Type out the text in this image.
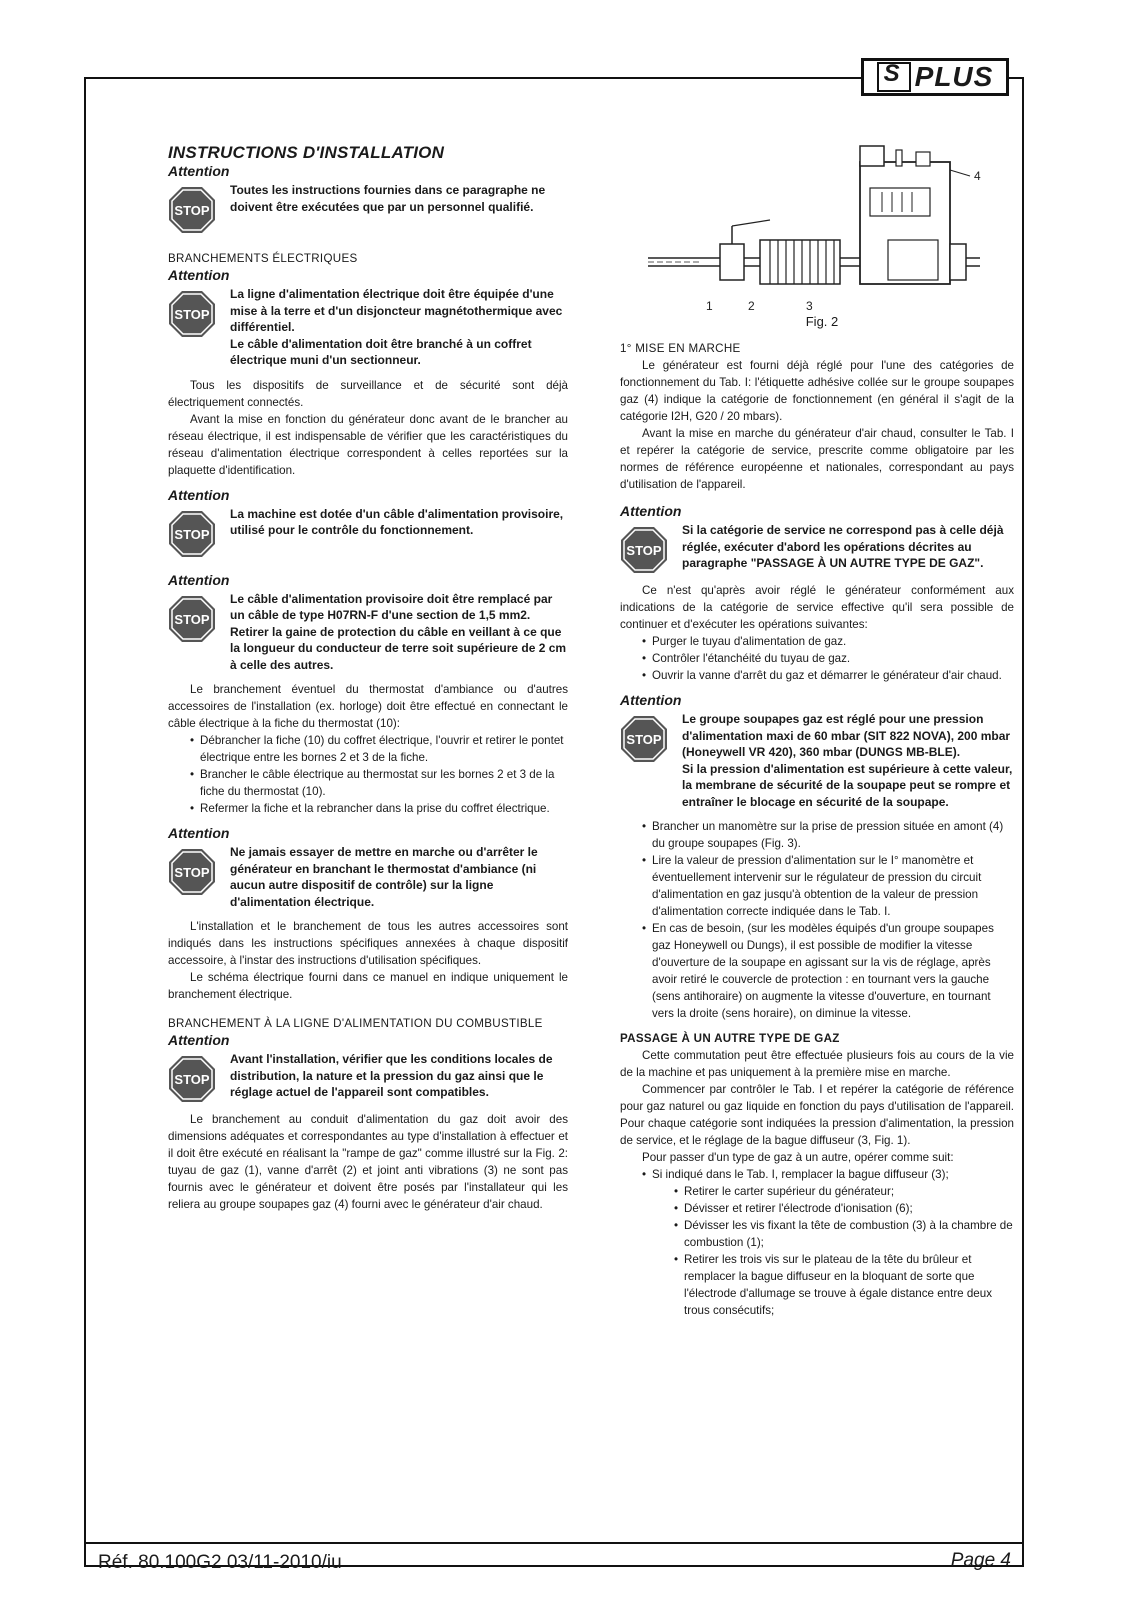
S
PLUS
INSTRUCTIONS D'INSTALLATION
Attention
Toutes les instructions fournies dans ce paragraphe ne doivent être exécutées que par un personnel qualifié.
BRANCHEMENTS ÉLECTRIQUES
Attention

La ligne d'alimentation électrique doit être équipée d'une mise à la terre et d'un disjoncteur magnétothermique avec différentiel.

Le câble d'alimentation doit être branché à un coffret électrique muni d'un sectionneur.

Tous les dispositifs de surveillance et de sécurité sont déjà électriquement connectés.

Avant la mise en fonction du générateur donc avant de le brancher au réseau électrique, il est indispensable de vérifier que les caractéristiques du réseau d'alimentation électrique correspondent à celles reportées sur la plaquette d'identification.

Attention
La machine est dotée d'un câble d'alimentation provisoire, utilisé pour le contrôle du fonctionnement.
Attention
Le câble d'alimentation provisoire doit être remplacé par un câble de type H07RN-F d'une section de 1,5 mm2. Retirer la gaine de protection du câble en veillant à ce que la longueur du conducteur de terre soit supérieure de 2 cm à celle des autres.

Le branchement éventuel du thermostat d'ambiance ou d'autres accessoires de l'installation (ex. horloge) doit être effectué en connectant le câble électrique à la fiche du thermostat (10):

• Débrancher la fiche (10) du coffret électrique, l'ouvrir et retirer le pontet électrique entre les bornes 2 et 3 de la fiche.
• Brancher le câble électrique au thermostat sur les bornes 2 et 3 de la fiche du thermostat (10).
• Refermer la fiche et la rebrancher dans la prise du coffret électrique.
Attention
Ne jamais essayer de mettre en marche ou d'arrêter le générateur en branchant le thermostat d'ambiance (ni aucun autre dispositif de contrôle) sur la ligne d'alimentation électrique.

L'installation et le branchement de tous les autres accessoires sont indiqués dans les instructions spécifiques annexées à chaque dispositif accessoire, à l'instar des instructions d'utilisation spécifiques.

Le schéma électrique fourni dans ce manuel en indique uniquement le branchement électrique.

BRANCHEMENT À LA LIGNE D'ALIMENTATION DU COMBUSTIBLE
Attention
Avant l'installation, vérifier que les conditions locales de distribution, la nature et la pression du gaz ainsi que le réglage actuel de l'appareil sont compatibles.

Le branchement au conduit d'alimentation du gaz doit avoir des dimensions adéquates et correspondantes au type d'installation à effectuer et il doit être exécuté en réalisant la "rampe de gaz" comme illustré sur la Fig. 2: tuyau de gaz (1), vanne d'arrêt (2) et joint anti vibrations (3) ne sont pas fournis avec le générateur et doivent être posés par l'installateur qui les reliera au groupe soupapes gaz (4) fourni avec le générateur d'air chaud.

4
1	2	3
Fig. 2
1° MISE EN MARCHE

Le générateur est fourni déjà réglé pour l'une des catégories de fonctionnement du Tab. I: l'étiquette adhésive collée sur le groupe soupapes gaz (4) indique la catégorie de fonctionnement (en général il s'agit de la catégorie I2H, G20 / 20 mbars).

Avant la mise en marche du générateur d'air chaud, consulter le Tab. I et repérer la catégorie de service, prescrite comme obligatoire par les normes de référence européenne et nationales, correspondant au pays d'utilisation de l'appareil.

Attention
Si la catégorie de service ne correspond pas à celle déjà réglée, exécuter d'abord les opérations décrites au paragraphe "PASSAGE À UN AUTRE TYPE DE GAZ".

Ce n'est qu'après avoir réglé le générateur conformément aux indications de la catégorie de service effective qu'il sera possible de continuer et d'exécuter les opérations suivantes:

• Purger le tuyau d'alimentation de gaz.
• Contrôler l'étanchéité du tuyau de gaz.
• Ouvrir la vanne d'arrêt du gaz et démarrer le générateur d'air chaud.
Attention

Le groupe soupapes gaz est réglé pour une pression d'alimentation maxi de 60 mbar (SIT 822 NOVA), 200 mbar (Honeywell VR 420), 360 mbar (DUNGS MB-BLE).

Si la pression d'alimentation est supérieure à cette valeur, la membrane de sécurité de la soupape peut se rompre et entraîner le blocage en sécurité de la soupape.

• Brancher un manomètre sur la prise de pression située en amont (4) du groupe soupapes (Fig. 3).
• Lire la valeur de pression d'alimentation sur le I° manomètre et éventuellement intervenir sur le régulateur de pression du circuit d'alimentation en gaz jusqu'à obtention de la valeur de pression d'alimentation correcte indiquée dans le Tab. I.
• En cas de besoin, (sur les modèles équipés d'un groupe soupapes gaz Honeywell ou Dungs), il est possible de modifier la vitesse d'ouverture de la soupape en agissant sur la vis de réglage, après avoir retiré le couvercle de protection : en tournant vers la gauche (sens antihoraire) on augmente la vitesse d'ouverture, en tournant vers la droite (sens horaire), on diminue la vitesse.
PASSAGE À UN AUTRE TYPE DE GAZ

Cette commutation peut être effectuée plusieurs fois au cours de la vie de la machine et pas uniquement à la première mise en marche.

Commencer par contrôler le Tab. I et repérer la catégorie de référence pour gaz naturel ou gaz liquide en fonction du pays d'utilisation de l'appareil. Pour chaque catégorie sont indiquées la pression d'alimentation, la pression de service, et le réglage de la bague diffuseur (3, Fig. 1).

Pour passer d'un type de gaz à un autre, opérer comme suit:

• Si indiqué dans le Tab. I, remplacer la bague diffuseur (3);
• Retirer le carter supérieur du générateur;
• Dévisser et retirer l'électrode d'ionisation (6);
• Dévisser les vis fixant la tête de combustion (3) à la chambre de combustion (1);
• Retirer les trois vis sur le plateau de la tête du brûleur et remplacer la bague diffuseur en la bloquant de sorte que l'électrode d'allumage se trouve à égale distance entre deux trous consécutifs;
Réf. 80.100G2 03/11-2010/iu	Page 4
